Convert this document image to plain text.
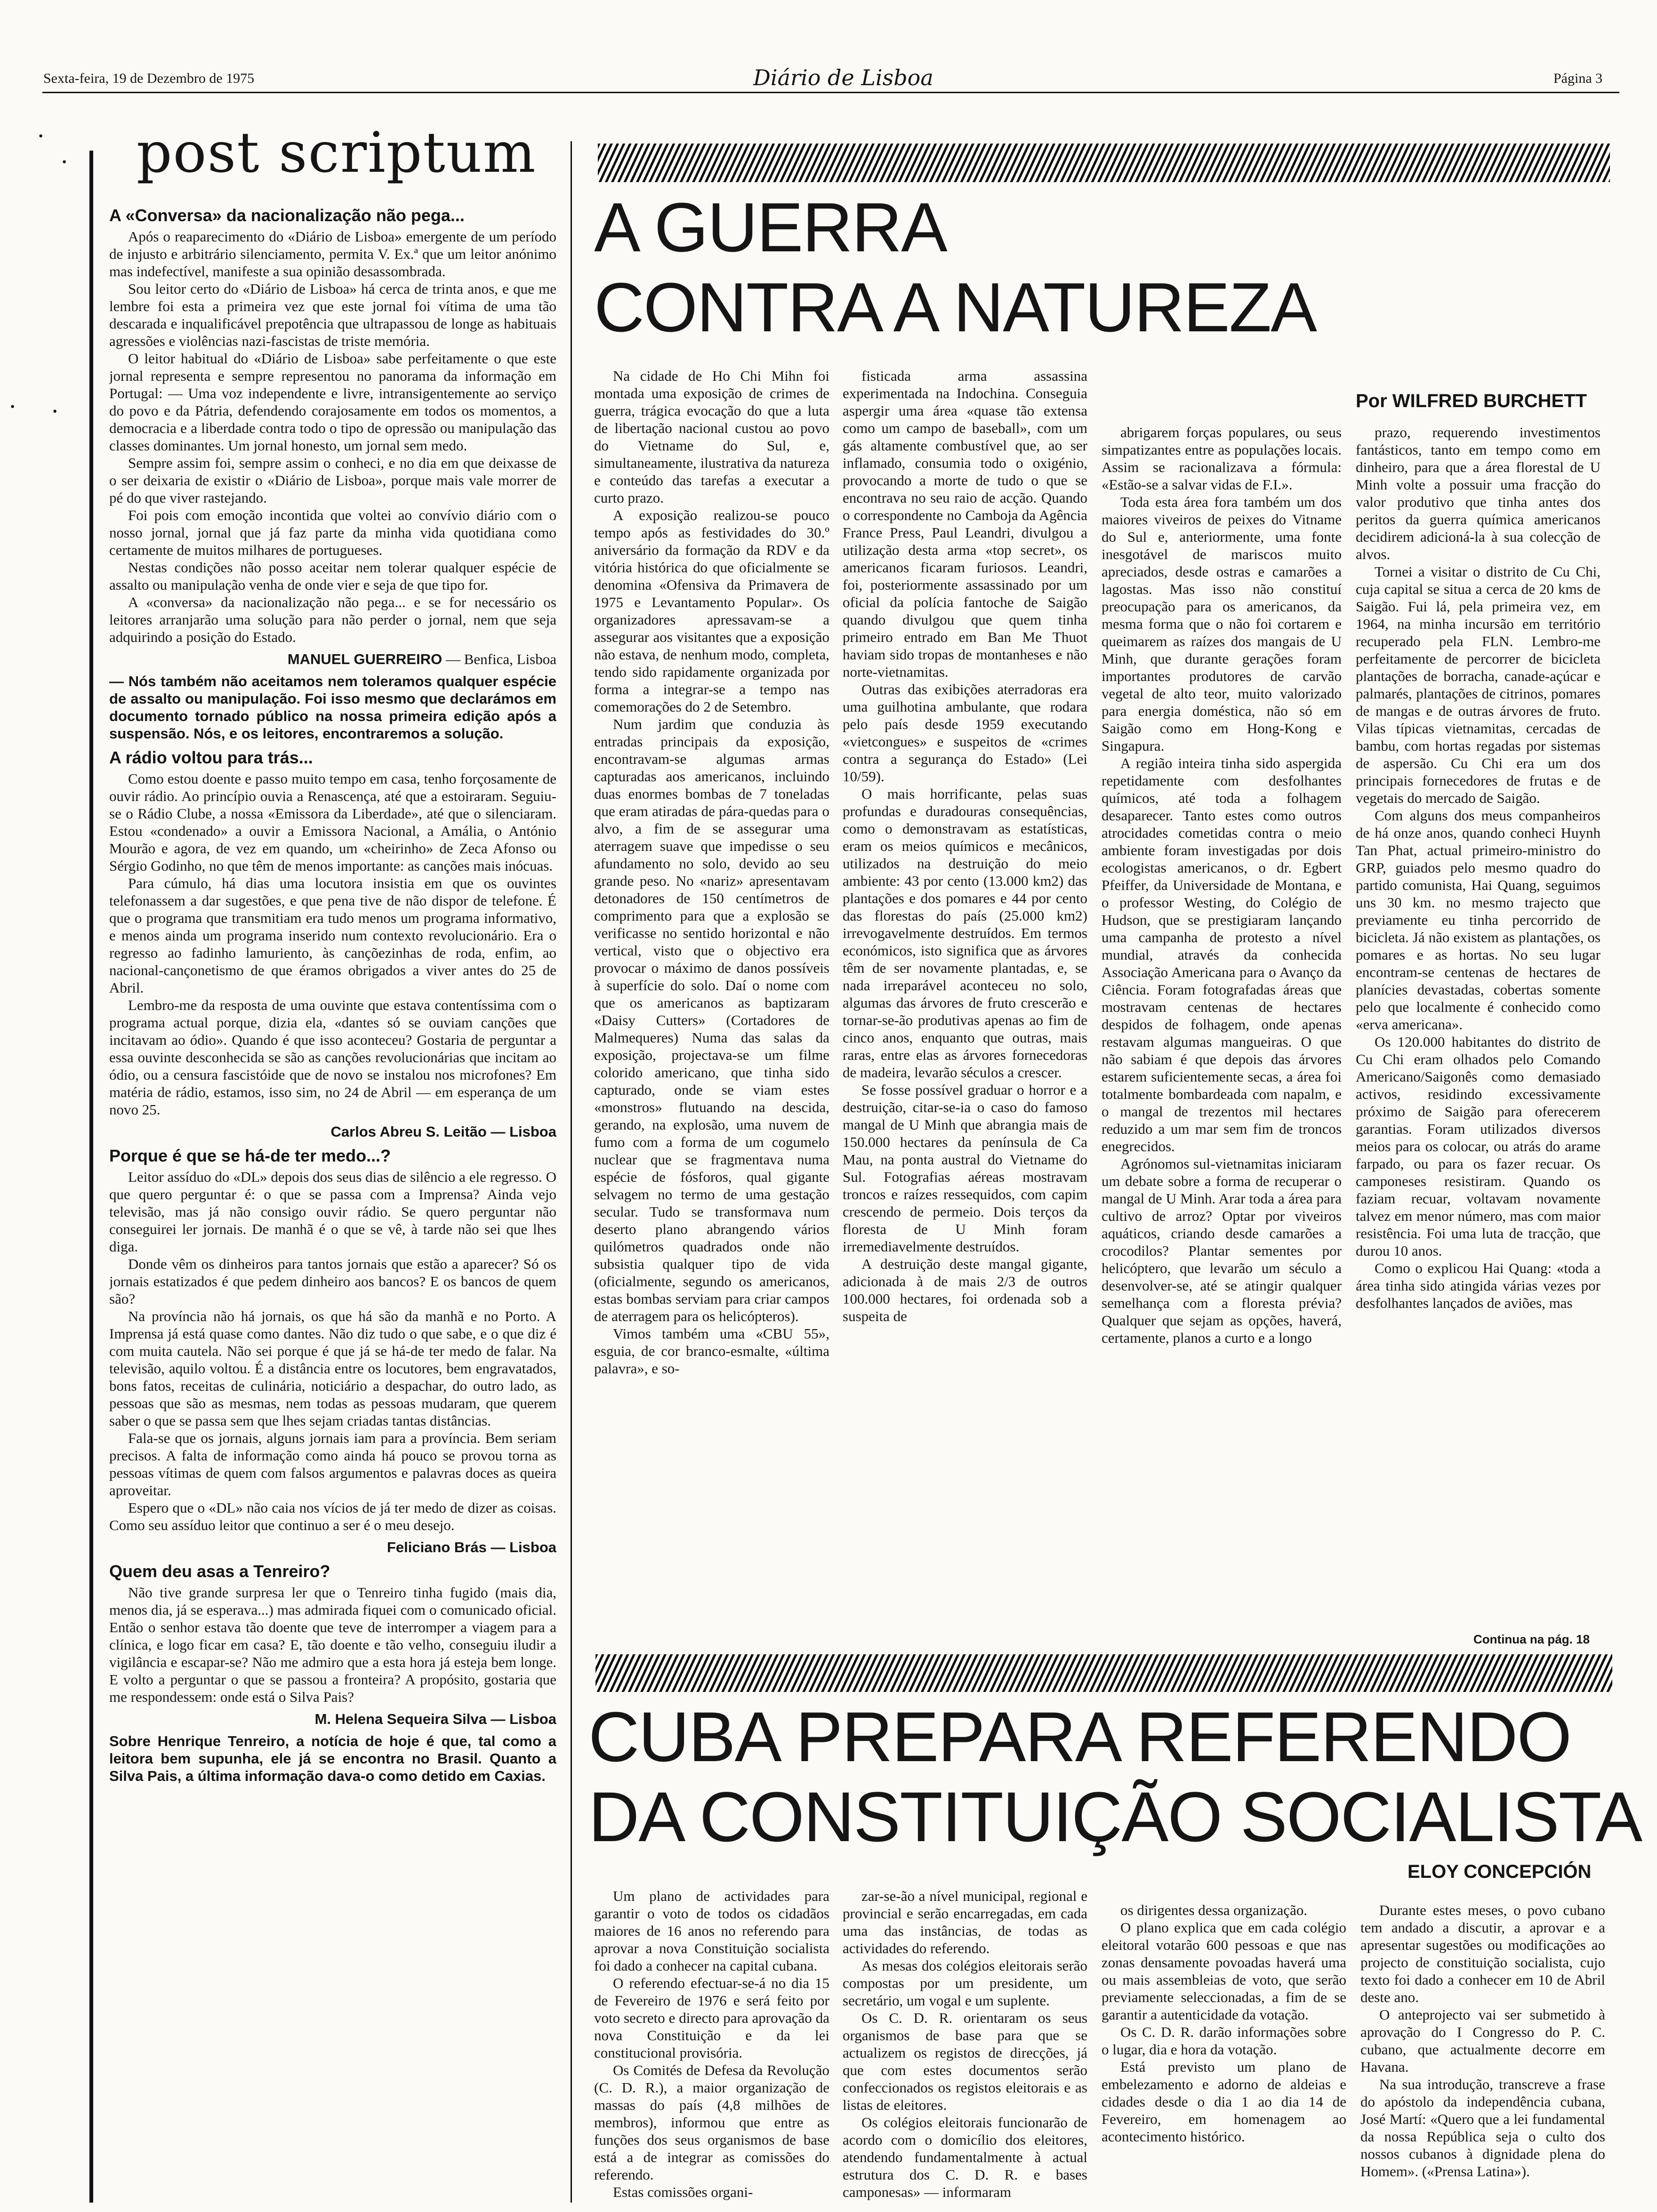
Sexta-feira, 19 de Dezembro de 1975	Diário de Lisboa	Página 3
·
·
· ·
post scriptum
A «Conversa» da nacionalização não pega...

Após o reaparecimento do «Diário de Lisboa» emergente de um período de injusto e arbitrário silenciamento, permita V. Ex.ª que um leitor anónimo mas indefectível, manifeste a sua opinião desassombrada.

Sou leitor certo do «Diário de Lisboa» há cerca de trinta anos, e que me lembre foi esta a primeira vez que este jornal foi vítima de uma tão descarada e inqualificável prepotência que ultrapassou de longe as habituais agressões e violências nazi-fascistas de triste memória.

O leitor habitual do «Diário de Lisboa» sabe perfeitamente o que este jornal representa e sempre representou no panorama da informação em Portugal: — Uma voz independente e livre, intransigentemente ao serviço do povo e da Pátria, defendendo corajosamente em todos os momentos, a democracia e a liberdade contra todo o tipo de opressão ou manipulação das classes dominantes. Um jornal honesto, um jornal sem medo.

Sempre assim foi, sempre assim o conheci, e no dia em que deixasse de o ser deixaria de existir o «Diário de Lisboa», porque mais vale morrer de pé do que viver rastejando.

Foi pois com emoção incontida que voltei ao convívio diário com o nosso jornal, jornal que já faz parte da minha vida quotidiana como certamente de muitos milhares de portugueses.

Nestas condições não posso aceitar nem tolerar qualquer espécie de assalto ou manipulação venha de onde vier e seja de que tipo for.

A «conversa» da nacionalização não pega... e se for necessário os leitores arranjarão uma solução para não perder o jornal, nem que seja adquirindo a posição do Estado.

MANUEL GUERREIRO — Benfica, Lisboa

— Nós também não aceitamos nem toleramos qualquer espécie de assalto ou manipulação. Foi isso mesmo que declarámos em documento tornado público na nossa primeira edição após a suspensão. Nós, e os leitores, encontraremos a solução.

A rádio voltou para trás...

Como estou doente e passo muito tempo em casa, tenho forçosamente de ouvir rádio. Ao princípio ouvia a Renascença, até que a estoiraram. Seguiu-se o Rádio Clube, a nossa «Emissora da Liberdade», até que o silenciaram. Estou «condenado» a ouvir a Emissora Nacional, a Amália, o António Mourão e agora, de vez em quando, um «cheirinho» de Zeca Afonso ou Sérgio Godinho, no que têm de menos importante: as canções mais inócuas.

Para cúmulo, há dias uma locutora insistia em que os ouvintes telefonassem a dar sugestões, e que pena tive de não dispor de telefone. É que o programa que transmitiam era tudo menos um programa informativo, e menos ainda um programa inserido num contexto revolucionário. Era o regresso ao fadinho lamuriento, às cançõezinhas de roda, enfim, ao nacional-cançonetismo de que éramos obrigados a viver antes do 25 de Abril.

Lembro-me da resposta de uma ouvinte que estava contentíssima com o programa actual porque, dizia ela, «dantes só se ouviam canções que incitavam ao ódio». Quando é que isso aconteceu? Gostaria de perguntar a essa ouvinte desconhecida se são as canções revolucionárias que incitam ao ódio, ou a censura fascistóide que de novo se instalou nos microfones? Em matéria de rádio, estamos, isso sim, no 24 de Abril — em esperança de um novo 25.

Carlos Abreu S. Leitão — Lisboa

Porque é que se há-de ter medo...?

Leitor assíduo do «DL» depois dos seus dias de silêncio a ele regresso. O que quero perguntar é: o que se passa com a Imprensa? Ainda vejo televisão, mas já não consigo ouvir rádio. Se quero perguntar não conseguirei ler jornais. De manhã é o que se vê, à tarde não sei que lhes diga.

Donde vêm os dinheiros para tantos jornais que estão a aparecer? Só os jornais estatizados é que pedem dinheiro aos bancos? E os bancos de quem são?

Na província não há jornais, os que há são da manhã e no Porto. A Imprensa já está quase como dantes. Não diz tudo o que sabe, e o que diz é com muita cautela. Não sei porque é que já se há-de ter medo de falar. Na televisão, aquilo voltou. É a distância entre os locutores, bem engravatados, bons fatos, receitas de culinária, noticiário a despachar, do outro lado, as pessoas que são as mesmas, nem todas as pessoas mudaram, que querem saber o que se passa sem que lhes sejam criadas tantas distâncias.

Fala-se que os jornais, alguns jornais iam para a província. Bem seriam precisos. A falta de informação como ainda há pouco se provou torna as pessoas vítimas de quem com falsos argumentos e palavras doces as queira aproveitar.

Espero que o «DL» não caia nos vícios de já ter medo de dizer as coisas. Como seu assíduo leitor que continuo a ser é o meu desejo.

Feliciano Brás — Lisboa

Quem deu asas a Tenreiro?

Não tive grande surpresa ler que o Tenreiro tinha fugido (mais dia, menos dia, já se esperava...) mas admirada fiquei com o comunicado oficial. Então o senhor estava tão doente que teve de interromper a viagem para a clínica, e logo ficar em casa? E, tão doente e tão velho, conseguiu iludir a vigilância e escapar-se? Não me admiro que a esta hora já esteja bem longe. E volto a perguntar o que se passou a fronteira? A propósito, gostaria que me respondessem: onde está o Silva Pais?

M. Helena Sequeira Silva — Lisboa

Sobre Henrique Tenreiro, a notícia de hoje é que, tal como a leitora bem supunha, ele já se encontra no Brasil. Quanto a Silva Pais, a última informação dava-o como detido em Caxias.

A GUERRA
CONTRA A NATUREZA
Por WILFRED BURCHETT

Na cidade de Ho Chi Mihn foi montada uma exposição de crimes de guerra, trágica evocação do que a luta de libertação nacional custou ao povo do Vietname do Sul, e, simultaneamente, ilustrativa da natureza e conteúdo das tarefas a executar a curto prazo.

A exposição realizou-se pouco tempo após as festividades do 30.º aniversário da formação da RDV e da vitória histórica do que oficialmente se denomina «Ofensiva da Primavera de 1975 e Levantamento Popular». Os organizadores apressavam-se a assegurar aos visitantes que a exposição não estava, de nenhum modo, completa, tendo sido rapidamente organizada por forma a integrar-se a tempo nas comemorações do 2 de Setembro.

Num jardim que conduzia às entradas principais da exposição, encontravam-se algumas armas capturadas aos americanos, incluindo duas enormes bombas de 7 toneladas que eram atiradas de pára-quedas para o alvo, a fim de se assegurar uma aterragem suave que impedisse o seu afundamento no solo, devido ao seu grande peso. No «nariz» apresentavam detonadores de 150 centímetros de comprimento para que a explosão se verificasse no sentido horizontal e não vertical, visto que o objectivo era provocar o máximo de danos possíveis à superfície do solo. Daí o nome com que os americanos as baptizaram «Daisy Cutters» (Cortadores de Malmequeres) Numa das salas da exposição, projectava-se um filme colorido americano, que tinha sido capturado, onde se viam estes «monstros» flutuando na descida, gerando, na explosão, uma nuvem de fumo com a forma de um cogumelo nuclear que se fragmentava numa espécie de fósforos, qual gigante selvagem no termo de uma gestação secular. Tudo se transformava num deserto plano abrangendo vários quilómetros quadrados onde não subsistia qualquer tipo de vida (oficialmente, segundo os americanos, estas bombas serviam para criar campos de aterragem para os helicópteros).

Vimos também uma «CBU 55», esguia, de cor branco-esmalte, «última palavra», e so-

fisticada arma assassina experimentada na Indochina. Conseguia aspergir uma área «quase tão extensa como um campo de baseball», com um gás altamente combustível que, ao ser inflamado, consumia todo o oxigénio, provocando a morte de tudo o que se encontrava no seu raio de acção. Quando o correspondente no Camboja da Agência France Press, Paul Leandri, divulgou a utilização desta arma «top secret», os americanos ficaram furiosos. Leandri, foi, posteriormente assassinado por um oficial da polícia fantoche de Saigão quando divulgou que quem tinha primeiro entrado em Ban Me Thuot haviam sido tropas de montanheses e não norte-vietnamitas.

Outras das exibições aterradoras era uma guilhotina ambulante, que rodara pelo país desde 1959 executando «vietcongues» e suspeitos de «crimes contra a segurança do Estado» (Lei 10/59).

O mais horrificante, pelas suas profundas e duradouras consequências, como o demonstravam as estatísticas, eram os meios químicos e mecânicos, utilizados na destruição do meio ambiente: 43 por cento (13.000 km2) das plantações e dos pomares e 44 por cento das florestas do país (25.000 km2) irrevogavelmente destruídos. Em termos económicos, isto significa que as árvores têm de ser novamente plantadas, e, se nada irreparável aconteceu no solo, algumas das árvores de fruto crescerão e tornar-se-ão produtivas apenas ao fim de cinco anos, enquanto que outras, mais raras, entre elas as árvores fornecedoras de madeira, levarão séculos a crescer.

Se fosse possível graduar o horror e a destruição, citar-se-ia o caso do famoso mangal de U Minh que abrangia mais de 150.000 hectares da península de Ca Mau, na ponta austral do Vietname do Sul. Fotografias aéreas mostravam troncos e raízes ressequidos, com capim crescendo de permeio. Dois terços da floresta de U Minh foram irremediavelmente destruídos.

A destruição deste mangal gigante, adicionada à de mais 2/3 de outros 100.000 hectares, foi ordenada sob a suspeita de

abrigarem forças populares, ou seus simpatizantes entre as populações locais. Assim se racionalizava a fórmula: «Estão-se a salvar vidas de F.I.».

Toda esta área fora também um dos maiores viveiros de peixes do Vitname do Sul e, anteriormente, uma fonte inesgotável de mariscos muito apreciados, desde ostras e camarões a lagostas. Mas isso não constituí preocupação para os americanos, da mesma forma que o não foi cortarem e queimarem as raízes dos mangais de U Minh, que durante gerações foram importantes produtores de carvão vegetal de alto teor, muito valorizado para energia doméstica, não só em Saigão como em Hong-Kong e Singapura.

A região inteira tinha sido aspergida repetidamente com desfolhantes químicos, até toda a folhagem desaparecer. Tanto estes como outros atrocidades cometidas contra o meio ambiente foram investigadas por dois ecologistas americanos, o dr. Egbert Pfeiffer, da Universidade de Montana, e o professor Westing, do Colégio de Hudson, que se prestigiaram lançando uma campanha de protesto a nível mundial, através da conhecida Associação Americana para o Avanço da Ciência. Foram fotografadas áreas que mostravam centenas de hectares despidos de folhagem, onde apenas restavam algumas mangueiras. O que não sabiam é que depois das árvores estarem suficientemente secas, a área foi totalmente bombardeada com napalm, e o mangal de trezentos mil hectares reduzido a um mar sem fim de troncos enegrecidos.

Agrónomos sul-vietnamitas iniciaram um debate sobre a forma de recuperar o mangal de U Minh. Arar toda a área para cultivo de arroz? Optar por viveiros aquáticos, criando desde camarões a crocodilos? Plantar sementes por helicóptero, que levarão um século a desenvolver-se, até se atingir qualquer semelhança com a floresta prévia? Qualquer que sejam as opções, haverá, certamente, planos a curto e a longo

prazo, requerendo investimentos fantásticos, tanto em tempo como em dinheiro, para que a área florestal de U Minh volte a possuir uma fracção do valor produtivo que tinha antes dos peritos da guerra química americanos decidirem adicioná-la à sua colecção de alvos.

Tornei a visitar o distrito de Cu Chi, cuja capital se situa a cerca de 20 kms de Saigão. Fui lá, pela primeira vez, em 1964, na minha incursão em território recuperado pela FLN. Lembro-me perfeitamente de percorrer de bicicleta plantações de borracha, canade-açúcar e palmarés, plantações de citrinos, pomares de mangas e de outras árvores de fruto. Vilas típicas vietnamitas, cercadas de bambu, com hortas regadas por sistemas de aspersão. Cu Chi era um dos principais fornecedores de frutas e de vegetais do mercado de Saigão.

Com alguns dos meus companheiros de há onze anos, quando conheci Huynh Tan Phat, actual primeiro-ministro do GRP, guiados pelo mesmo quadro do partido comunista, Hai Quang, seguimos uns 30 km. no mesmo trajecto que previamente eu tinha percorrido de bicicleta. Já não existem as plantações, os pomares e as hortas. No seu lugar encontram-se centenas de hectares de planícies devastadas, cobertas somente pelo que localmente é conhecido como «erva americana».

Os 120.000 habitantes do distrito de Cu Chi eram olhados pelo Comando Americano/Saigonês como demasiado activos, residindo excessivamente próximo de Saigão para oferecerem garantias. Foram utilizados diversos meios para os colocar, ou atrás do arame farpado, ou para os fazer recuar. Os camponeses resistiram. Quando os faziam recuar, voltavam novamente talvez em menor número, mas com maior resistência. Foi uma luta de tracção, que durou 10 anos.

Como o explicou Hai Quang: «toda a área tinha sido atingida várias vezes por desfolhantes lançados de aviões, mas

Continua na pág. 18
CUBA PREPARA REFERENDO
DA CONSTITUIÇÃO SOCIALISTA
ELOY CONCEPCIÓN

Um plano de actividades para garantir o voto de todos os cidadãos maiores de 16 anos no referendo para aprovar a nova Constituição socialista foi dado a conhecer na capital cubana.

O referendo efectuar-se-á no dia 15 de Fevereiro de 1976 e será feito por voto secreto e directo para aprovação da nova Constituição e da lei constitucional provisória.

Os Comités de Defesa da Revolução (C. D. R.), a maior organização de massas do país (4,8 milhões de membros), informou que entre as funções dos seus organismos de base está a de integrar as comissões do referendo.

Estas comissões organi-

zar-se-ão a nível municipal, regional e provincial e serão encarregadas, em cada uma das instâncias, de todas as actividades do referendo.

As mesas dos colégios eleitorais serão compostas por um presidente, um secretário, um vogal e um suplente.

Os C. D. R. orientaram os seus organismos de base para que se actualizem os registos de direcções, já que com estes documentos serão confeccionados os registos eleitorais e as listas de eleitores.

Os colégios eleitorais funcionarão de acordo com o domicílio dos eleitores, atendendo fundamentalmente à actual estrutura dos C. D. R. e bases camponesas» — informaram

os dirigentes dessa organização.

O plano explica que em cada colégio eleitoral votarão 600 pessoas e que nas zonas densamente povoadas haverá uma ou mais assembleias de voto, que serão previamente seleccionadas, a fim de se garantir a autenticidade da votação.

Os C. D. R. darão informações sobre o lugar, dia e hora da votação.

Está previsto um plano de embelezamento e adorno de aldeias e cidades desde o dia 1 ao dia 14 de Fevereiro, em homenagem ao acontecimento histórico.

Durante estes meses, o povo cubano tem andado a discutir, a aprovar e a apresentar sugestões ou modificações ao projecto de constituição socialista, cujo texto foi dado a conhecer em 10 de Abril deste ano.

O anteprojecto vai ser submetido à aprovação do I Congresso do P. C. cubano, que actualmente decorre em Havana.

Na sua introdução, transcreve a frase do apóstolo da independência cubana, José Martí: «Quero que a lei fundamental da nossa República seja o culto dos nossos cubanos à dignidade plena do Homem». («Prensa Latina»).
